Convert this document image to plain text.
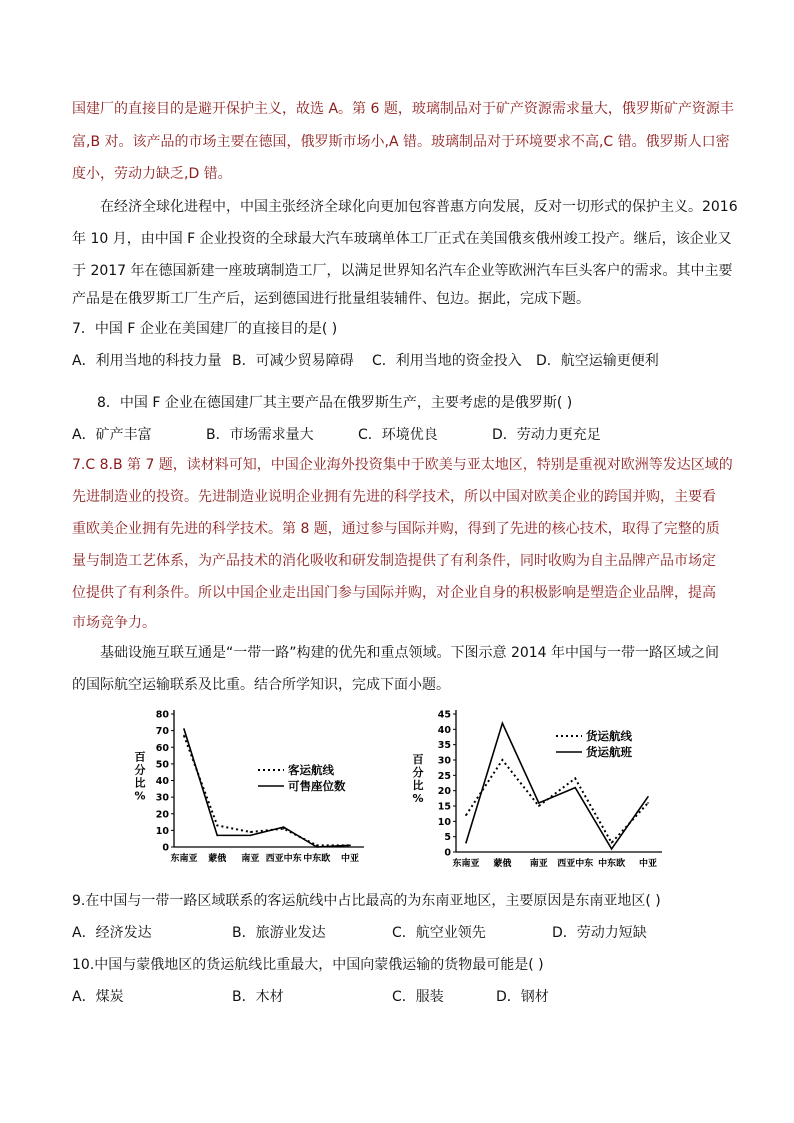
国建厂的直接目的是避开保护主义，故选 A。第 6 题，玻璃制品对于矿产资源需求量大，俄罗斯矿产资源丰
富,B 对。该产品的市场主要在德国，俄罗斯市场小,A 错。玻璃制品对于环境要求不高,C 错。俄罗斯人口密
度小，劳动力缺乏,D 错。
在经济全球化进程中，中国主张经济全球化向更加包容普惠方向发展，反对一切形式的保护主义。2016
年 10 月，由中国 F 企业投资的全球最大汽车玻璃单体工厂正式在美国俄亥俄州竣工投产。继后，该企业又
于 2017 年在德国新建一座玻璃制造工厂，以满足世界知名汽车企业等欧洲汽车巨头客户的需求。其中主要
产品是在俄罗斯工厂生产后，运到德国进行批量组装辅件、包边。据此，完成下题。
7．中国 F 企业在美国建厂的直接目的是( )
A．利用当地的科技力量 B．可减少贸易障碍 C．利用当地的资金投入 D．航空运输更便利
8．中国 F 企业在德国建厂其主要产品在俄罗斯生产，主要考虑的是俄罗斯( )
A．矿产丰富	B．市场需求量大	C．环境优良	D．劳动力更充足
7.C 8.B 第 7 题，读材料可知，中国企业海外投资集中于欧美与亚太地区，特别是重视对欧洲等发达区域的
先进制造业的投资。先进制造业说明企业拥有先进的科学技术，所以中国对欧美企业的跨国并购，主要看
重欧美企业拥有先进的科学技术。第 8 题，通过参与国际并购，得到了先进的核心技术，取得了完整的质
量与制造工艺体系，为产品技术的消化吸收和研发制造提供了有利条件，同时收购为自主品牌产品市场定
位提供了有利条件。所以中国企业走出国门参与国际并购，对企业自身的积极影响是塑造企业品牌，提高
市场竞争力。
基础设施互联互通是“一带一路”构建的优先和重点领域。下图示意 2014 年中国与一带一路区域之间
的国际航空运输联系及比重。结合所学知识，完成下面小题。
0
10
20
30
40
50
60
70
80
百
分
比
%
东南亚 蒙俄 南亚 西亚中东 中东欧 中亚
客运航线
可售座位数
0
5
10
15
20
25
30
35
40
45
百
分
比
%
东南亚 蒙俄 南亚 西亚中东 中东欧 中亚
货运航线
货运航班
9.在中国与一带一路区域联系的客运航线中占比最高的为东南亚地区，主要原因是东南亚地区( )
A．经济发达	B．旅游业发达	C．航空业领先	D．劳动力短缺
10.中国与蒙俄地区的货运航线比重最大，中国向蒙俄运输的货物最可能是( )
A．煤炭	B．木材	C．服装	D．钢材
